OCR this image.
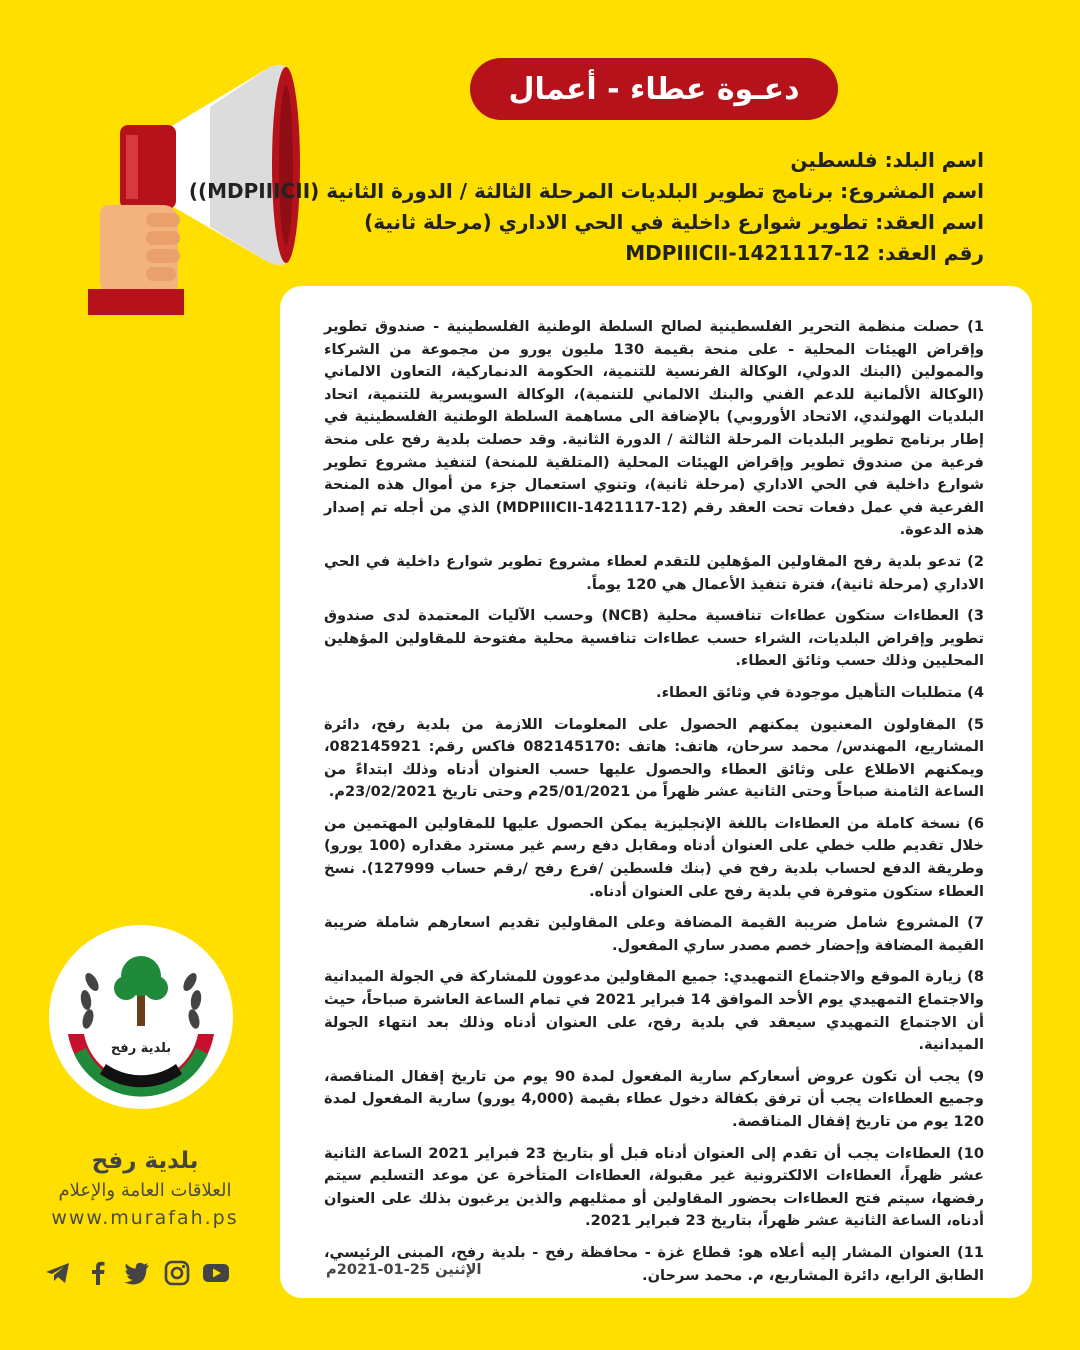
دعـوة عطاء - أعمال
اسم البلد: فلسطين
اسم المشروع: برنامج تطوير البلديات المرحلة الثالثة / الدورة الثانية (MDPIIICII))
اسم العقد: تطوير شوارع داخلية في الحي الاداري (مرحلة ثانية)
رقم العقد: MDPIIICII-1421117-12

1) حصلت منظمة التحرير الفلسطينية لصالح السلطة الوطنية الفلسطينية - صندوق تطوير وإقراض الهيئات المحلية - على منحة بقيمة 130 مليون يورو من مجموعة من الشركاء والممولين (البنك الدولي، الوكالة الفرنسية للتنمية، الحكومة الدنماركية، التعاون الالماني (الوكالة الألمانية للدعم الفني والبنك الالماني للتنمية)، الوكالة السويسرية للتنمية، اتحاد البلديات الهولندي، الاتحاد الأوروبي) بالإضافة الى مساهمة السلطة الوطنية الفلسطينية في إطار برنامج تطوير البلديات المرحلة الثالثة / الدورة الثانية. وقد حصلت بلدية رفح على منحة فرعية من صندوق تطوير وإقراض الهيئات المحلية (المتلقية للمنحة) لتنفيذ مشروع تطوير شوارع داخلية في الحي الاداري (مرحلة ثانية)، وتنوي استعمال جزء من أموال هذه المنحة الفرعية في عمل دفعات تحت العقد رقم (MDPIIICII-1421117-12) الذي من أجله تم إصدار هذه الدعوة.

2) تدعو بلدية رفح المقاولين المؤهلين للتقدم لعطاء مشروع تطوير شوارع داخلية في الحي الاداري (مرحلة ثانية)، فترة تنفيذ الأعمال هي 120 يوماً.

3) العطاءات ستكون عطاءات تنافسية محلية (NCB) وحسب الآليات المعتمدة لدى صندوق تطوير وإقراض البلديات، الشراء حسب عطاءات تنافسية محلية مفتوحة للمقاولين المؤهلين المحليين وذلك حسب وثائق العطاء.

4) متطلبات التأهيل موجودة في وثائق العطاء.

5) المقاولون المعنيون يمكنهم الحصول على المعلومات اللازمة من بلدية رفح، دائرة المشاريع، المهندس/ محمد سرحان، هاتف: هاتف :082145170 فاكس رقم: 082145921، ويمكنهم الاطلاع على وثائق العطاء والحصول عليها حسب العنوان أدناه وذلك ابتداءً من الساعة الثامنة صباحاً وحتى الثانية عشر ظهراً من 25/01/2021م وحتى تاريخ 23/02/2021م.

6) نسخة كاملة من العطاءات باللغة الإنجليزية يمكن الحصول عليها للمقاولين المهتمين من خلال تقديم طلب خطي على العنوان أدناه ومقابل دفع رسم غير مسترد مقداره (100 يورو) وطريقة الدفع لحساب بلدية رفح في (بنك فلسطين /فرع رفح /رقم حساب 127999). نسخ العطاء ستكون متوفرة في بلدية رفح على العنوان أدناه.

7) المشروع شامل ضريبة القيمة المضافة وعلى المقاولين تقديم اسعارهم شاملة ضريبة القيمة المضافة وإحضار خصم مصدر ساري المفعول.

8) زيارة الموقع والاجتماع التمهيدي: جميع المقاولين مدعوون للمشاركة في الجولة الميدانية والاجتماع التمهيدي يوم الأحد الموافق 14 فبراير 2021 في تمام الساعة العاشرة صباحاً، حيث أن الاجتماع التمهيدي سيعقد في بلدية رفح، على العنوان أدناه وذلك بعد انتهاء الجولة الميدانية.

9) يجب أن تكون عروض أسعاركم سارية المفعول لمدة 90 يوم من تاريخ إقفال المناقصة، وجميع العطاءات يجب أن ترفق بكفالة دخول عطاء بقيمة (4,000 يورو) سارية المفعول لمدة 120 يوم من تاريخ إقفال المناقصة.

10) العطاءات يجب أن تقدم إلى العنوان أدناه قبل أو بتاريخ 23 فبراير 2021 الساعة الثانية عشر ظهراً، العطاءات الالكترونية غير مقبولة، العطاءات المتأخرة عن موعد التسليم سيتم رفضها، سيتم فتح العطاءات بحضور المقاولين أو ممثليهم والذين يرغبون بذلك على العنوان أدناه، الساعة الثانية عشر ظهراً، بتاريخ 23 فبراير 2021.

11) العنوان المشار إليه أعلاه هو: قطاع غزة - محافظة رفح - بلدية رفح، المبنى الرئيسي، الطابق الرابع، دائرة المشاريع، م. محمد سرحان.

الإثنين 25-01-2021م
بلدية رفح
بلدية رفح
العلاقات العامة والإعلام
www.murafah.ps
